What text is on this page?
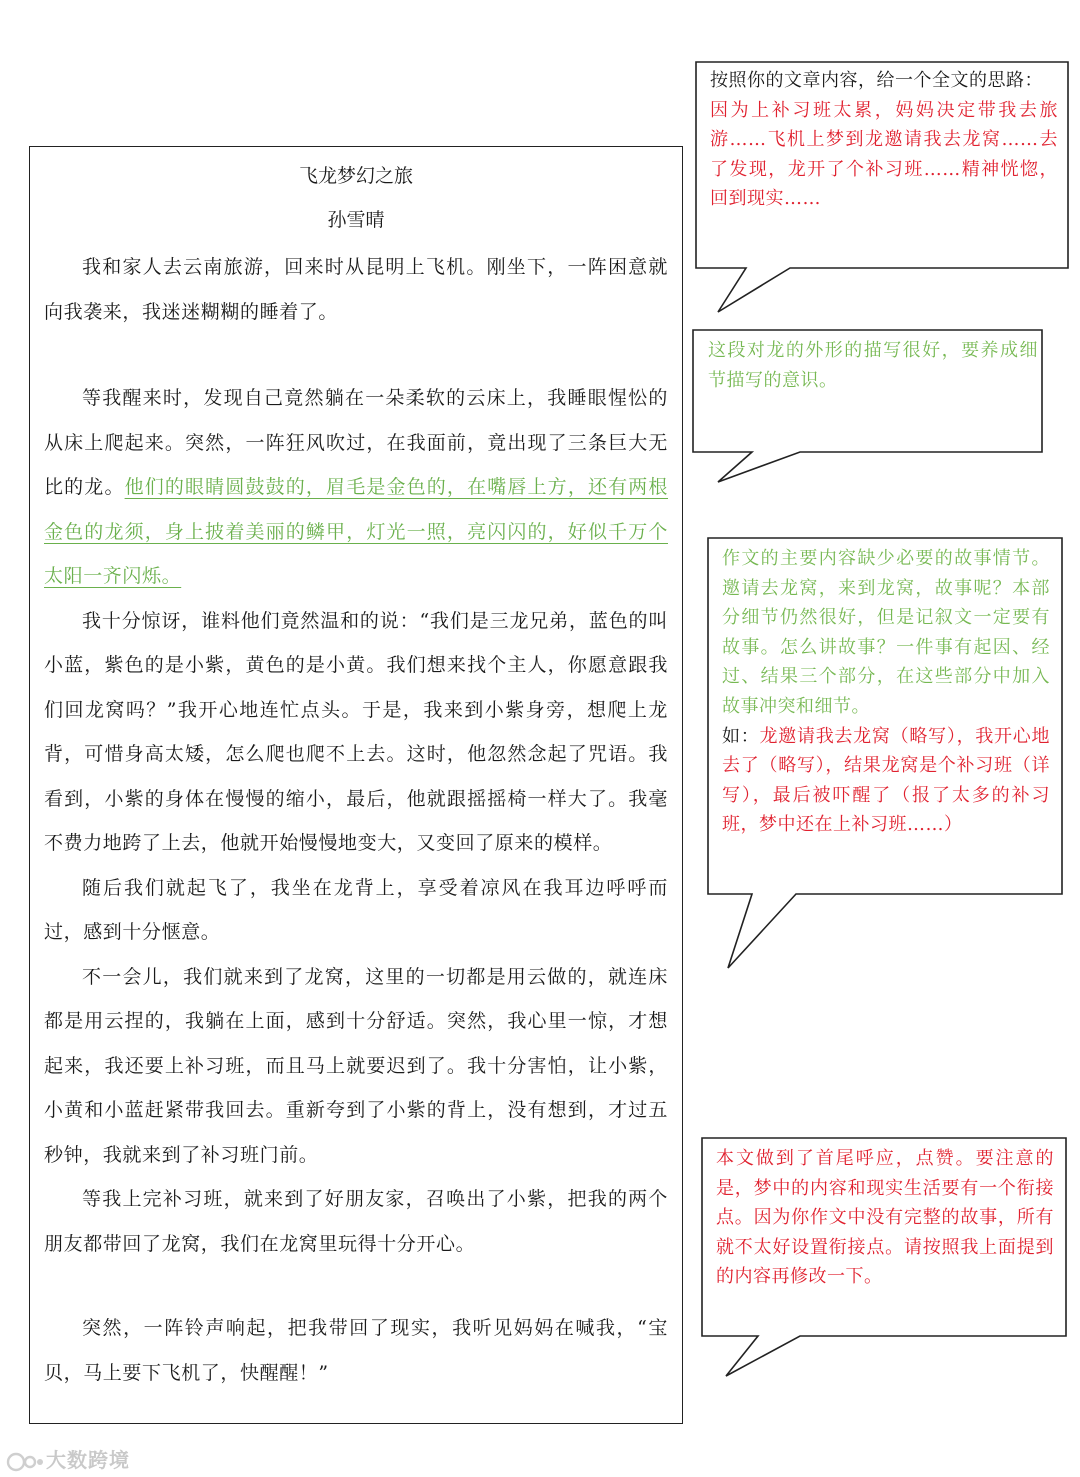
飞龙梦幻之旅

孙雪晴

我和家人去云南旅游，回来时从昆明上飞机。刚坐下，一阵困意就向我袭来，我迷迷糊糊的睡着了。

等我醒来时，发现自己竟然躺在一朵柔软的云床上，我睡眼惺忪的从床上爬起来。突然，一阵狂风吹过，在我面前，竟出现了三条巨大无比的龙。他们的眼睛圆鼓鼓的，眉毛是金色的，在嘴唇上方，还有两根金色的龙须，身上披着美丽的鳞甲，灯光一照，亮闪闪的，好似千万个太阳一齐闪烁。

我十分惊讶，谁料他们竟然温和的说：“我们是三龙兄弟，蓝色的叫小蓝，紫色的是小紫，黄色的是小黄。我们想来找个主人，你愿意跟我们回龙窝吗？”我开心地连忙点头。于是，我来到小紫身旁，想爬上龙背，可惜身高太矮，怎么爬也爬不上去。这时，他忽然念起了咒语。我看到，小紫的身体在慢慢的缩小，最后，他就跟摇摇椅一样大了。我毫不费力地跨了上去，他就开始慢慢地变大，又变回了原来的模样。

随后我们就起飞了，我坐在龙背上，享受着凉风在我耳边呼呼而过，感到十分惬意。

不一会儿，我们就来到了龙窝，这里的一切都是用云做的，就连床都是用云捏的，我躺在上面，感到十分舒适。突然，我心里一惊，才想起来，我还要上补习班，而且马上就要迟到了。我十分害怕，让小紫，小黄和小蓝赶紧带我回去。重新夸到了小紫的背上，没有想到，才过五秒钟，我就来到了补习班门前。

等我上完补习班，就来到了好朋友家，召唤出了小紫，把我的两个朋友都带回了龙窝，我们在龙窝里玩得十分开心。

突然，一阵铃声响起，把我带回了现实，我听见妈妈在喊我，“宝贝，马上要下飞机了，快醒醒！”

按照你的文章内容，给一个全文的思路：
因为上补习班太累，妈妈决定带我去旅游……飞机上梦到龙邀请我去龙窝……去了发现，龙开了个补习班……精神恍惚，回到现实……
这段对龙的外形的描写很好，要养成细节描写的意识。
作文的主要内容缺少必要的故事情节。邀请去龙窝，来到龙窝，故事呢？本部分细节仍然很好，但是记叙文一定要有故事。怎么讲故事？一件事有起因、经过、结果三个部分，在这些部分中加入故事冲突和细节。
如：龙邀请我去龙窝（略写），我开心地去了（略写），结果龙窝是个补习班（详写），最后被吓醒了（报了太多的补习班，梦中还在上补习班……）
本文做到了首尾呼应，点赞。要注意的是，梦中的内容和现实生活要有一个衔接点。因为你作文中没有完整的故事，所有就不太好设置衔接点。请按照我上面提到的内容再修改一下。
大数跨境
